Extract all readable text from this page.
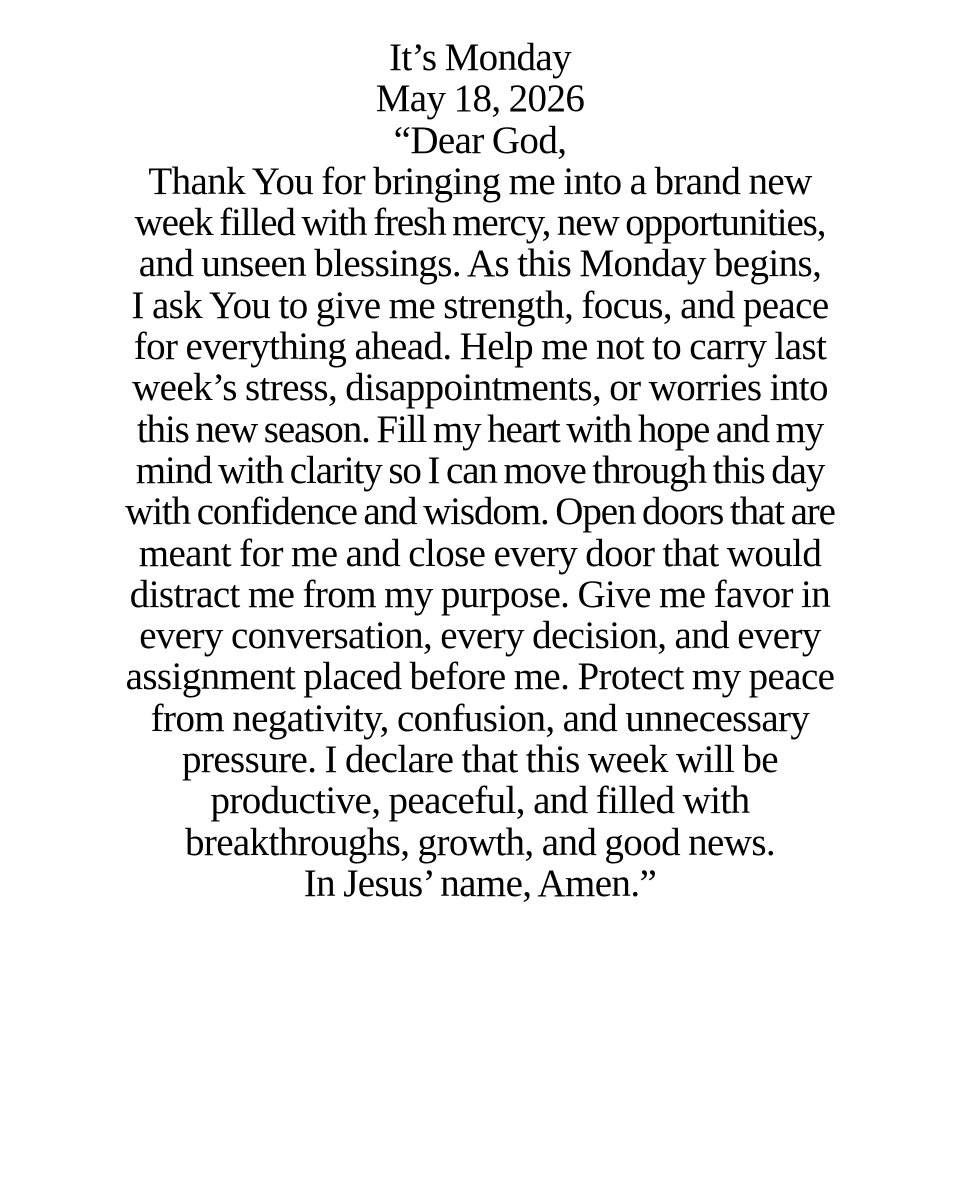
It’s Monday
May 18, 2026
“Dear God,
Thank You for bringing me into a brand new
week filled with fresh mercy, new opportunities,
and unseen blessings. As this Monday begins,
I ask You to give me strength, focus, and peace
for everything ahead. Help me not to carry last
week’s stress, disappointments, or worries into
this new season. Fill my heart with hope and my
mind with clarity so I can move through this day
with confidence and wisdom. Open doors that are
meant for me and close every door that would
distract me from my purpose. Give me favor in
every conversation, every decision, and every
assignment placed before me. Protect my peace
from negativity, confusion, and unnecessary
pressure. I declare that this week will be
productive, peaceful, and filled with
breakthroughs, growth, and good news.
In Jesus’ name, Amen.”
